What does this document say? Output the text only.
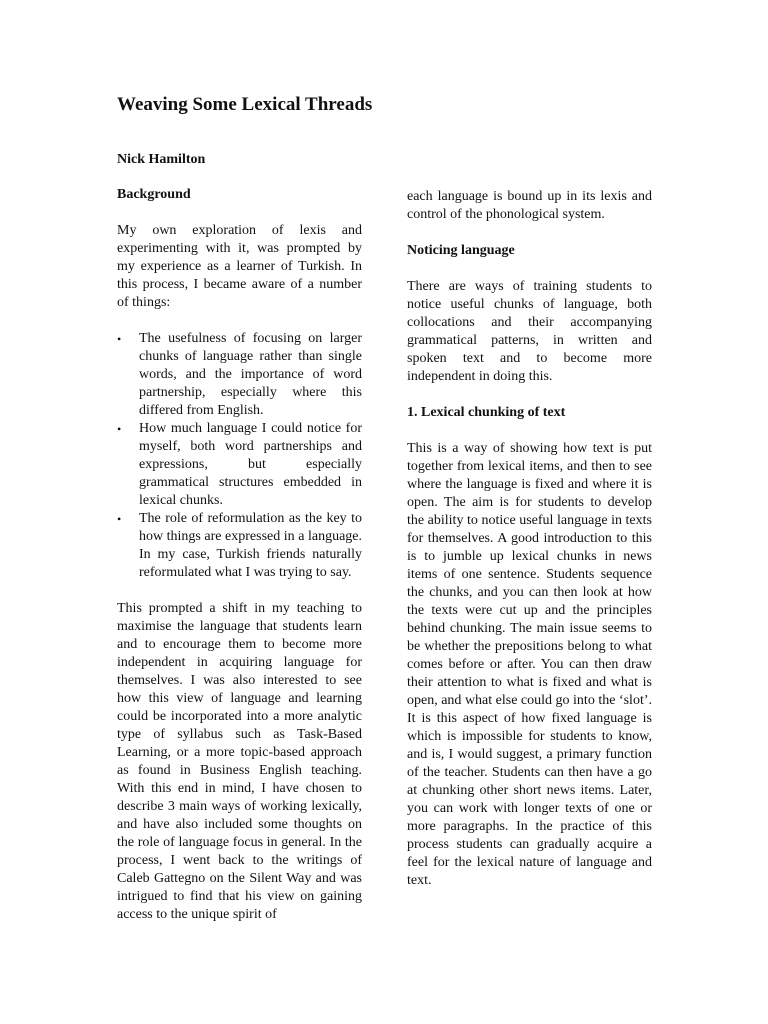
Weaving Some Lexical Threads
Nick Hamilton
Background

My own exploration of lexis and experimenting with it, was prompted by my experience as a learner of Turkish. In this process, I became aware of a number of things:

• The usefulness of focusing on larger chunks of language rather than single words, and the importance of word partnership, especially where this differed from English.
• How much language I could notice for myself, both word partnerships and expressions, but especially grammatical structures embedded in lexical chunks.
• The role of reformulation as the key to how things are expressed in a language. In my case, Turkish friends naturally reformulated what I was trying to say.

This prompted a shift in my teaching to maximise the language that students learn and to encourage them to become more independent in acquiring language for themselves. I was also interested to see how this view of language and learning could be incorporated into a more analytic type of syllabus such as Task-Based Learning, or a more topic-based approach as found in Business English teaching. With this end in mind, I have chosen to describe 3 main ways of working lexically, and have also included some thoughts on the role of language focus in general. In the process, I went back to the writings of Caleb Gattegno on the Silent Way and was intrigued to find that his view on gaining access to the unique spirit of

each language is bound up in its lexis and control of the phonological system.

Noticing language

There are ways of training students to notice useful chunks of language, both collocations and their accompanying grammatical patterns, in written and spoken text and to become more independent in doing this.

1. Lexical chunking of text

This is a way of showing how text is put together from lexical items, and then to see where the language is fixed and where it is open. The aim is for students to develop the ability to notice useful language in texts for themselves. A good introduction to this is to jumble up lexical chunks in news items of one sentence. Students sequence the chunks, and you can then look at how the texts were cut up and the principles behind chunking. The main issue seems to be whether the prepositions belong to what comes before or after. You can then draw their attention to what is fixed and what is open, and what else could go into the ‘slot’. It is this aspect of how fixed language is which is impossible for students to know, and is, I would suggest, a primary function of the teacher. Students can then have a go at chunking other short news items. Later, you can work with longer texts of one or more paragraphs. In the practice of this process students can gradually acquire a feel for the lexical nature of language and text.
